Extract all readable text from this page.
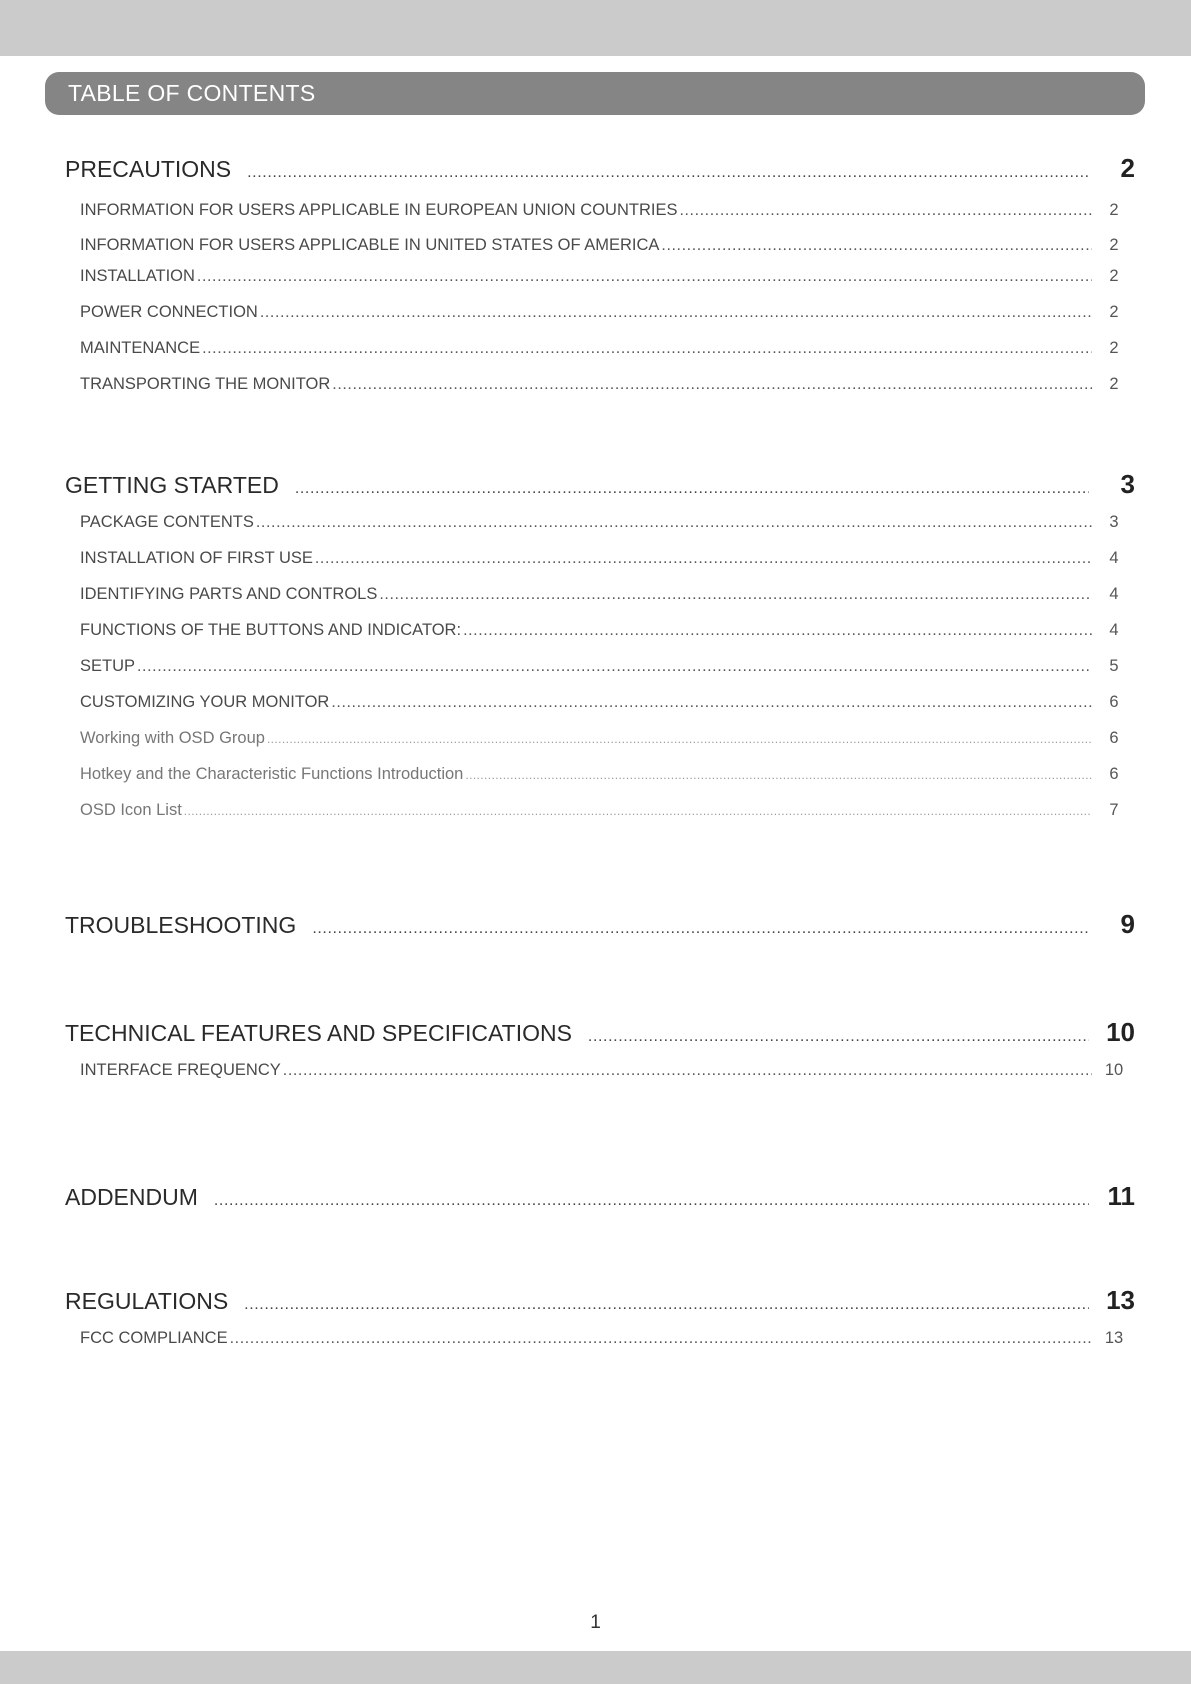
TABLE OF CONTENTS
PRECAUTIONS .....	2
INFORMATION FOR USERS APPLICABLE IN EUROPEAN UNION COUNTRIES .....	2
INFORMATION FOR USERS APPLICABLE IN UNITED STATES OF AMERICA .....	2
INSTALLATION .....	2
POWER CONNECTION .....	2
MAINTENANCE .....	2
TRANSPORTING THE MONITOR .....	2
GETTING STARTED .....	3
PACKAGE CONTENTS .....	3
INSTALLATION OF FIRST USE .....	4
IDENTIFYING PARTS AND CONTROLS .....	4
FUNCTIONS OF THE BUTTONS AND INDICATOR: .....	4
SETUP .....	5
CUSTOMIZING YOUR MONITOR .....	6
Working with OSD Group .....	6
Hotkey and the Characteristic Functions Introduction .....	6
OSD Icon List .....	7
TROUBLESHOOTING .....	9
TECHNICAL FEATURES AND SPECIFICATIONS .....	10
INTERFACE FREQUENCY .....	10
ADDENDUM .....	11
REGULATIONS .....	13
FCC COMPLIANCE .....	13
1
